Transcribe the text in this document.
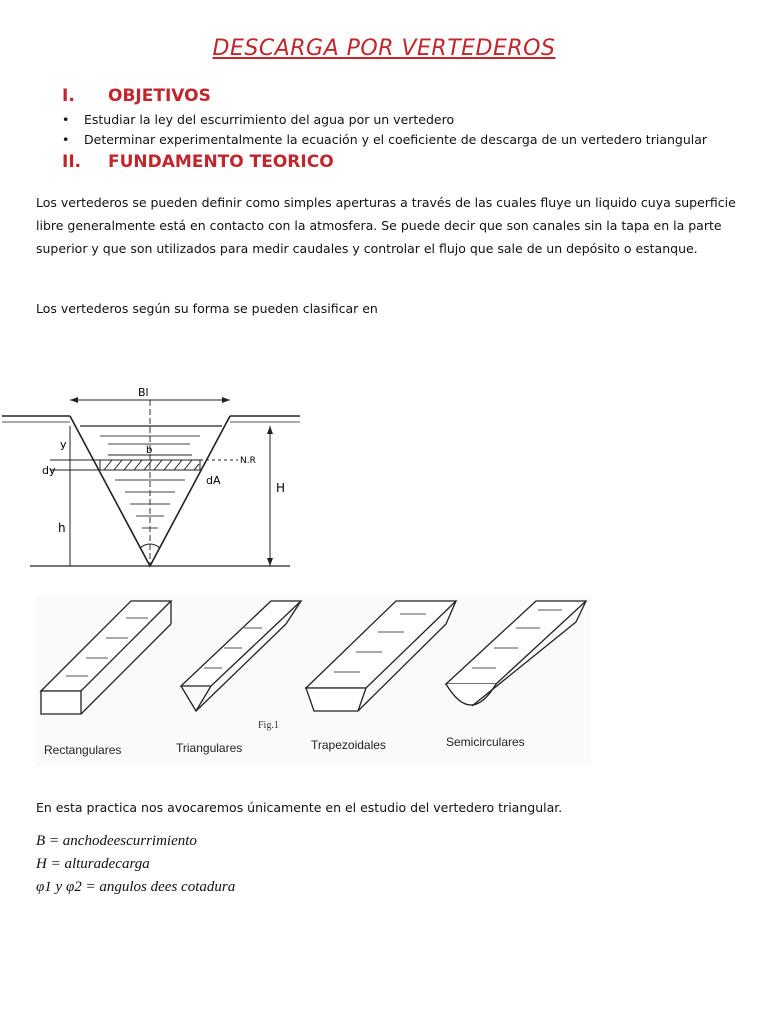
DESCARGA POR VERTEDEROS
I. OBJETIVOS
• Estudiar la ley del escurrimiento del agua por un vertedero
• Determinar experimentalmente la ecuación y el coeficiente de descarga de un vertedero triangular
II. FUNDAMENTO TEORICO

Los vertederos se pueden definir como simples aperturas a través de las cuales fluye un liquido cuya superficie libre generalmente está en contacto con la atmosfera. Se puede decir que son canales sin la tapa en la parte superior y que son utilizados para medir caudales y controlar el flujo que sale de un depósito o estanque.

Los vertederos según su forma se pueden clasificar en

Bl
y
dy
h
b
N.R
dA
H
Fig.1
Rectangulares	Triangulares	Trapezoidales	Semicirculares

En esta practica nos avocaremos únicamente en el estudio del vertedero triangular.

B = anchodeescurrimiento
H = alturadecarga
φ1 y φ2 = angulos dees cotadura
